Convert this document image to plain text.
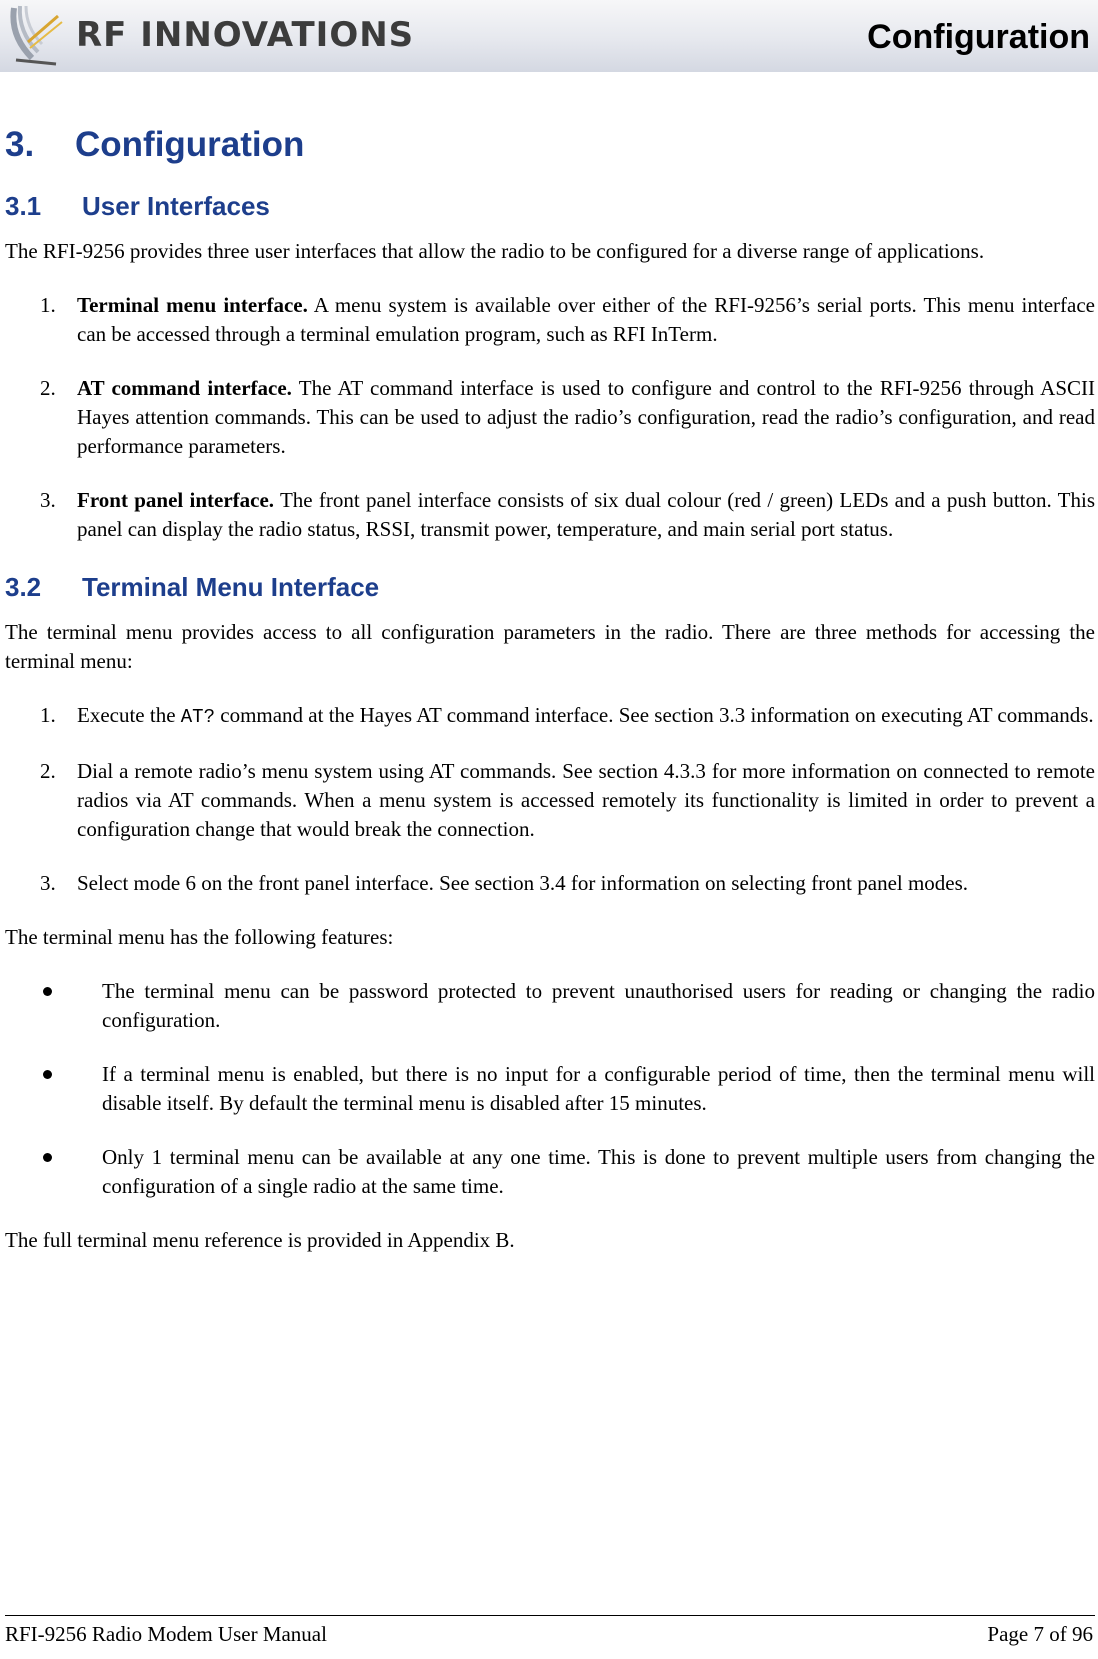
RF INNOVATIONS	Configuration
3. Configuration
3.1 User Interfaces

The RFI-9256 provides three user interfaces that allow the radio to be configured for a diverse range of applications.

1. Terminal menu interface. A menu system is available over either of the RFI-9256’s serial ports. This menu interface can be accessed through a terminal emulation program, such as RFI InTerm.
2. AT command interface. The AT command interface is used to configure and control to the RFI-9256 through ASCII Hayes attention commands. This can be used to adjust the radio’s configuration, read the radio’s configuration, and read performance parameters.
3. Front panel interface. The front panel interface consists of six dual colour (red / green) LEDs and a push button. This panel can display the radio status, RSSI, transmit power, temperature, and main serial port status.
3.2 Terminal Menu Interface

The terminal menu provides access to all configuration parameters in the radio. There are three methods for accessing the terminal menu:

1. Execute the AT? command at the Hayes AT command interface. See section 3.3 information on executing AT commands.
2. Dial a remote radio’s menu system using AT commands. See section 4.3.3 for more information on connected to remote radios via AT commands. When a menu system is accessed remotely its functionality is limited in order to prevent a configuration change that would break the connection.
3. Select mode 6 on the front panel interface. See section 3.4 for information on selecting front panel modes.

The terminal menu has the following features:

The terminal menu can be password protected to prevent unauthorised users for reading or changing the radio configuration.
If a terminal menu is enabled, but there is no input for a configurable period of time, then the terminal menu will disable itself. By default the terminal menu is disabled after 15 minutes.
Only 1 terminal menu can be available at any one time. This is done to prevent multiple users from changing the configuration of a single radio at the same time.

The full terminal menu reference is provided in Appendix B.

RFI-9256 Radio Modem User Manual	Page 7 of 96
